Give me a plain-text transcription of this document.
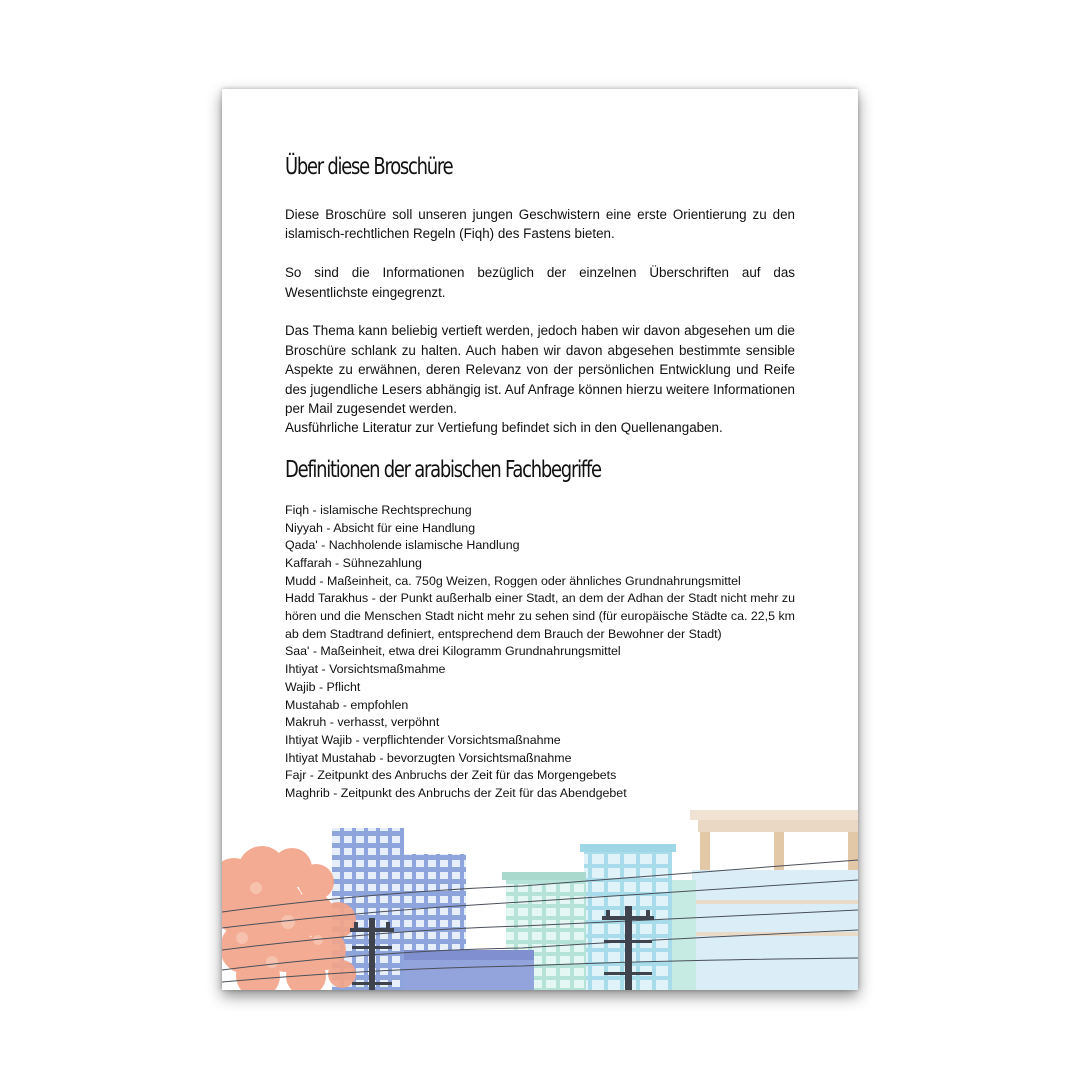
Über diese Broschüre

Diese Broschüre soll unseren jungen Geschwistern eine erste Orientierung zu den islamisch-rechtlichen Regeln (Fiqh) des Fastens bieten.

So sind die Informationen bezüglich der einzelnen Überschriften auf das Wesentlichste eingegrenzt.

Das Thema kann beliebig vertieft werden, jedoch haben wir davon abgesehen um die Broschüre schlank zu halten. Auch haben wir davon abgesehen bestimmte sensible Aspekte zu erwähnen, deren Relevanz von der persönlichen Entwicklung und Reife des jugendliche Lesers abhängig ist. Auf Anfrage können hierzu weitere Informationen per Mail zugesendet werden.

Ausführliche Literatur zur Vertiefung befindet sich in den Quellenangaben.

Definitionen der arabischen Fachbegriffe

Fiqh - islamische Rechtsprechung

Niyyah - Absicht für eine Handlung

Qada' - Nachholende islamische Handlung

Kaffarah - Sühnezahlung

Mudd - Maßeinheit, ca. 750g Weizen, Roggen oder ähnliches Grundnahrungsmittel

Hadd Tarakhus - der Punkt außerhalb einer Stadt, an dem der Adhan der Stadt nicht mehr zu hören und die Menschen Stadt nicht mehr zu sehen sind (für europäische Städte ca. 22,5 km ab dem Stadtrand definiert, entsprechend dem Brauch der Bewohner der Stadt)

Saa' - Maßeinheit, etwa drei Kilogramm Grundnahrungsmittel

Ihtiyat - Vorsichtsmaßmahme

Wajib - Pflicht

Mustahab - empfohlen

Makruh - verhasst, verpöhnt

Ihtiyat Wajib - verpflichtender Vorsichtsmaßnahme

Ihtiyat Mustahab - bevorzugten Vorsichtsmaßnahme

Fajr - Zeitpunkt des Anbruchs der Zeit für das Morgengebets

Maghrib - Zeitpunkt des Anbruchs der Zeit für das Abendgebet
